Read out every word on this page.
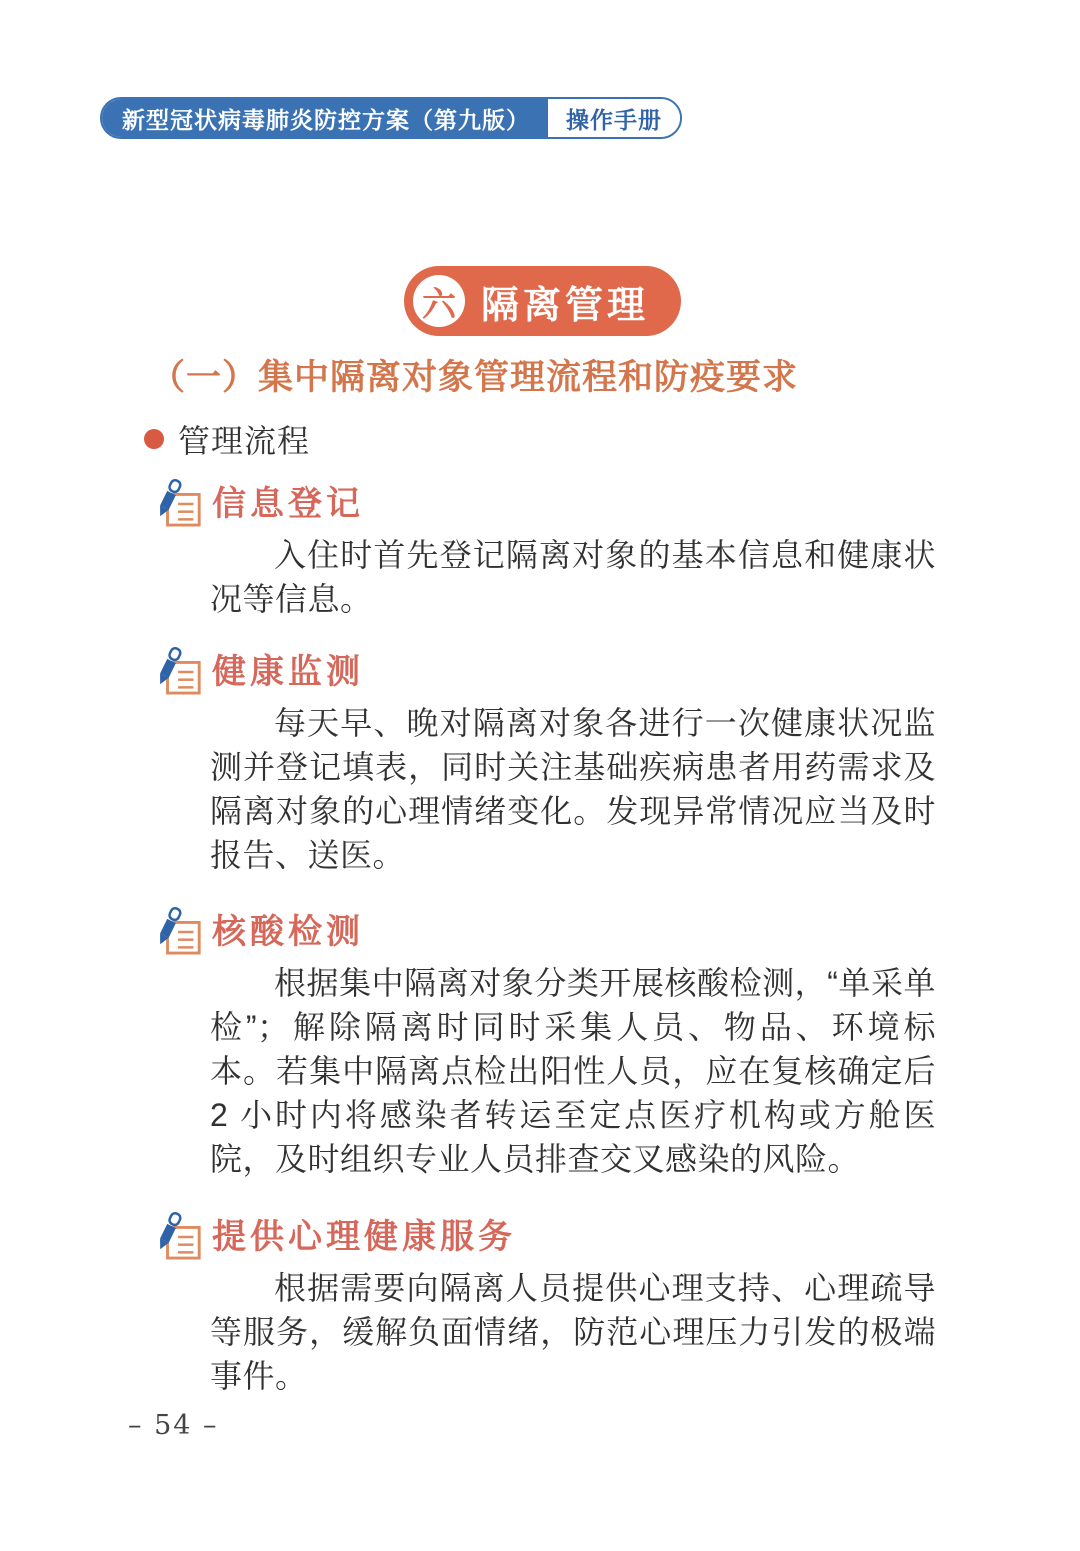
新型冠状病毒肺炎防控方案（第九版）	操作手册
六 隔离管理
（一）集中隔离对象管理流程和防疫要求
管理流程
信息登记

入住时首先登记隔离对象的基本信息和健康状况等信息。

健康监测

每天早、晚对隔离对象各进行一次健康状况监测并登记填表，同时关注基础疾病患者用药需求及隔离对象的心理情绪变化。发现异常情况应当及时报告、送医。

核酸检测

根据集中隔离对象分类开展核酸检测，“单采单检”；解除隔离时同时采集人员、物品、环境标本。若集中隔离点检出阳性人员，应在复核确定后 2 小时内将感染者转运至定点医疗机构或方舱医院，及时组织专业人员排查交叉感染的风险。

提供心理健康服务

根据需要向隔离人员提供心理支持、心理疏导等服务，缓解负面情绪，防范心理压力引发的极端事件。

– 54 –
